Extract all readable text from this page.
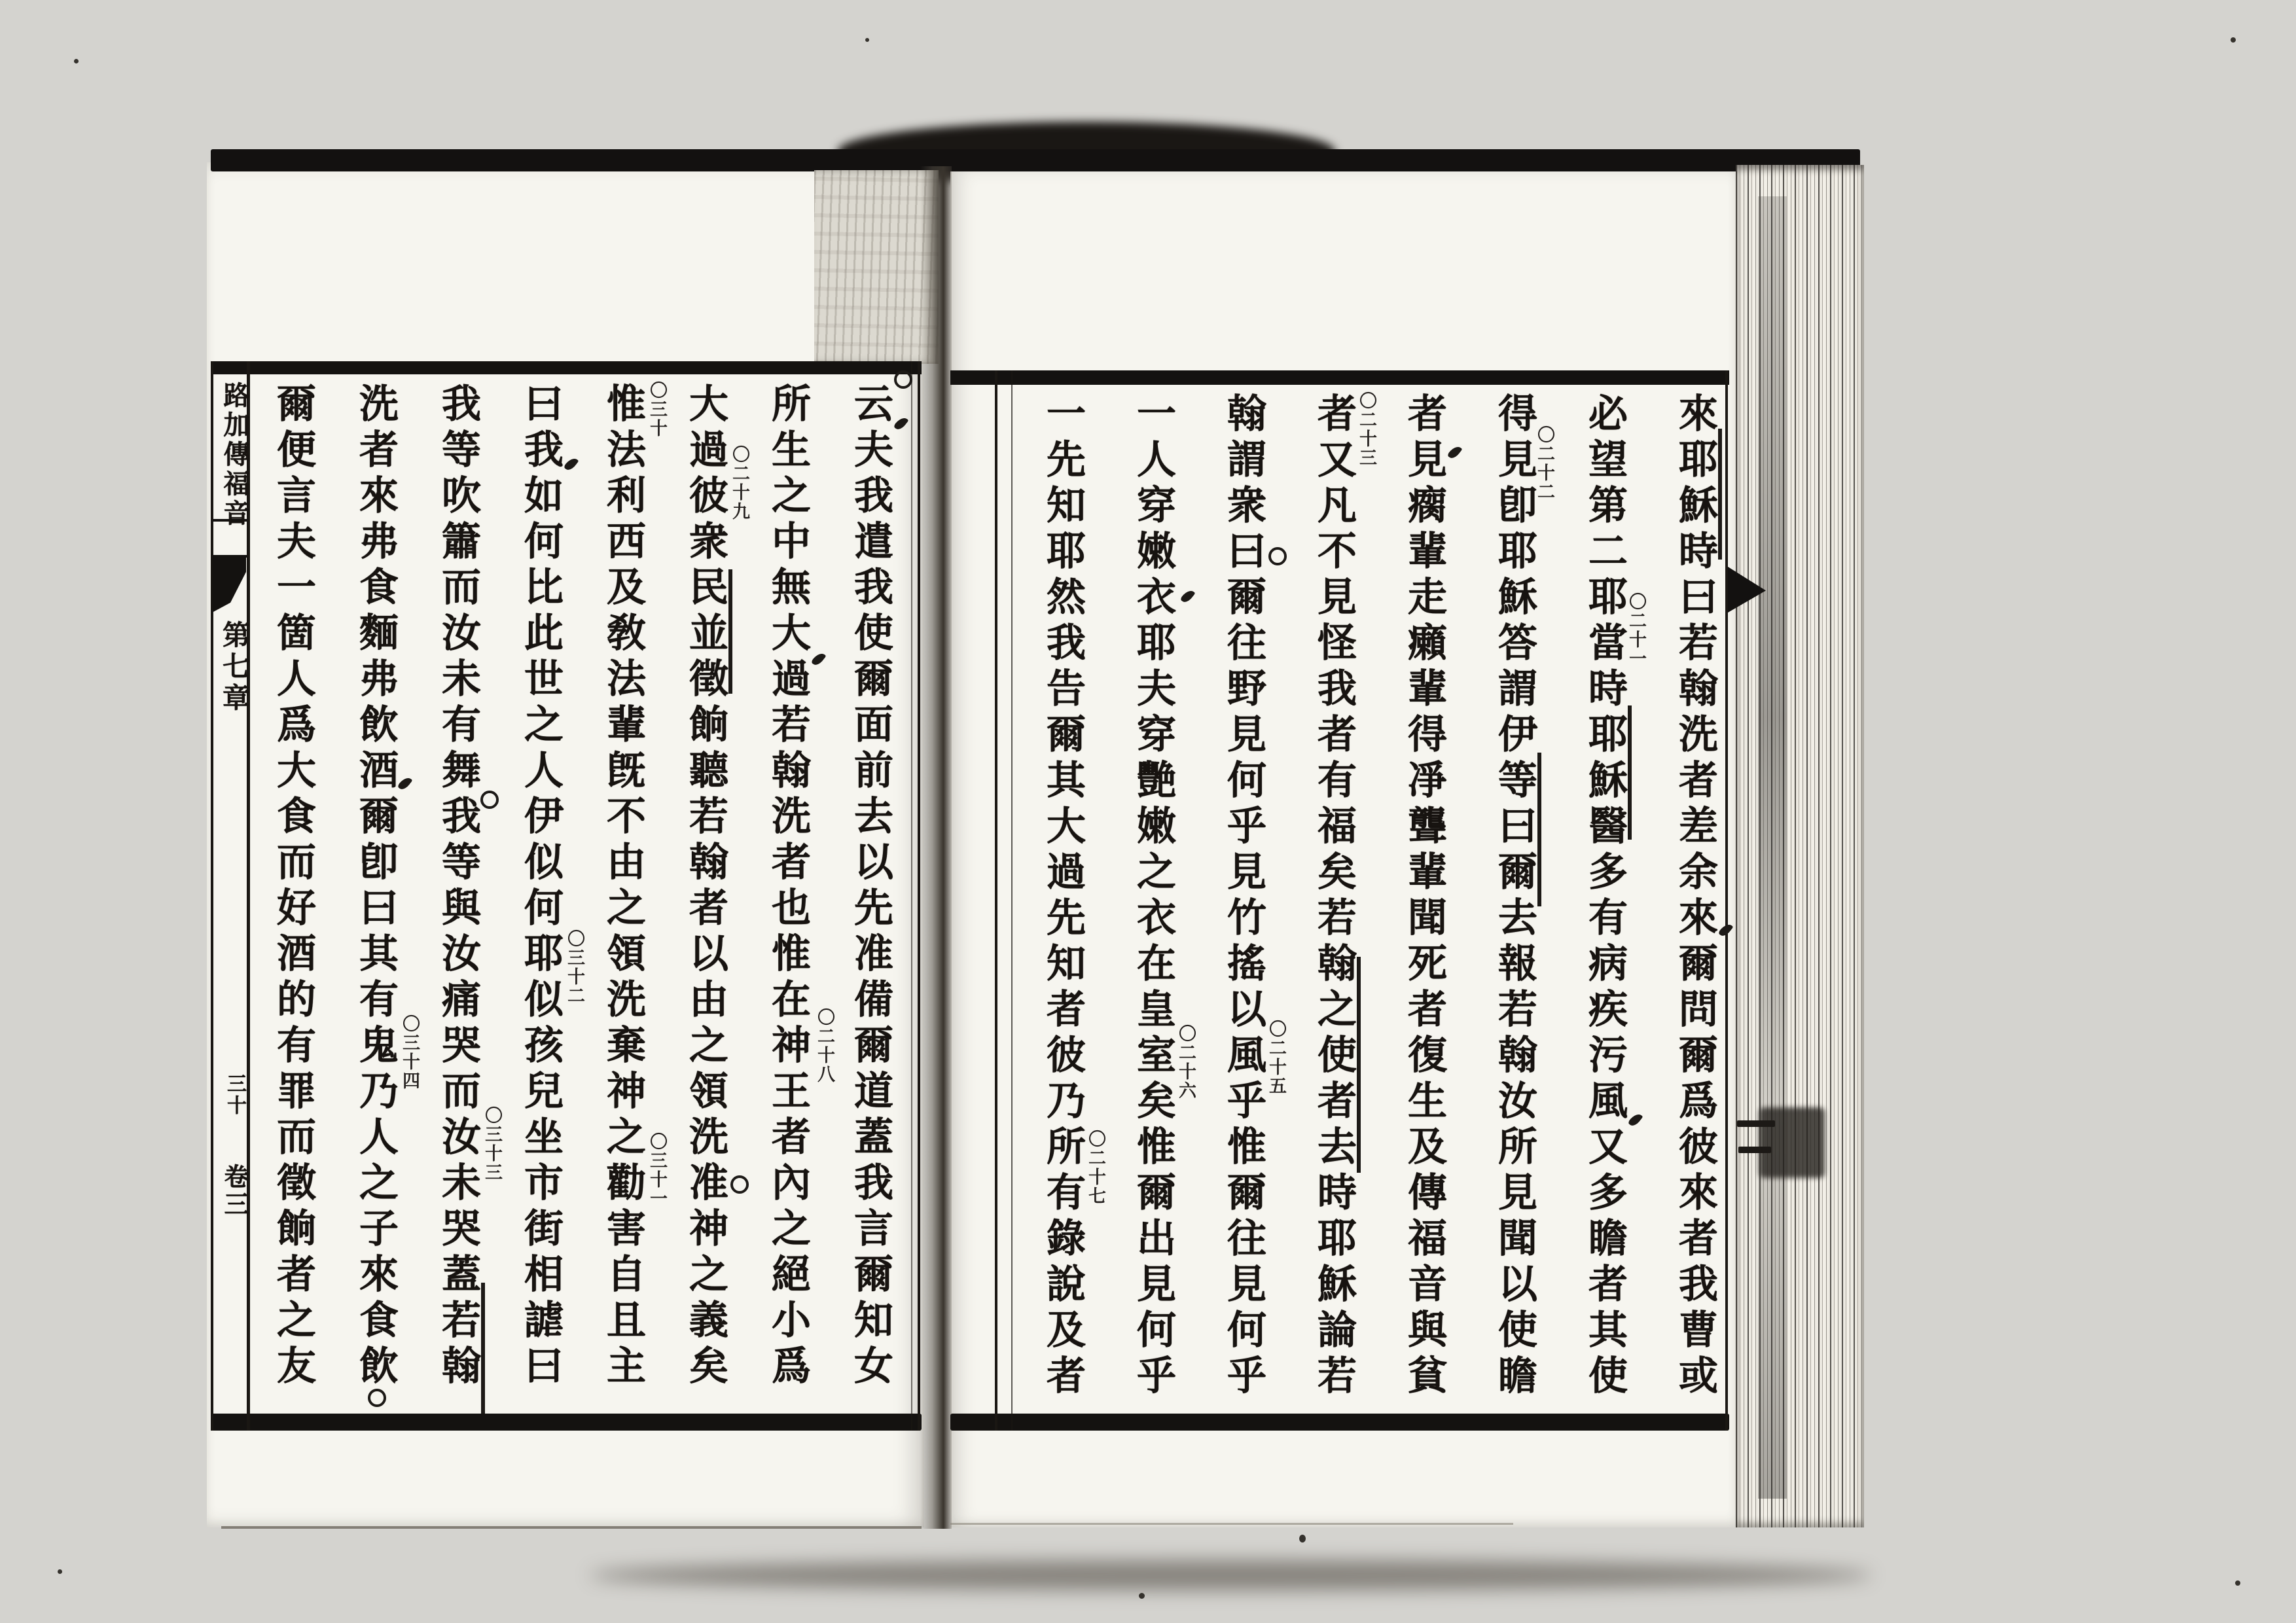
來耶穌時曰若翰洗者差余來爾問爾爲彼來者我曹或
必望第二耶當時耶穌醫多有病疾污風又多瞻者其使
得見卽耶穌答謂伊等曰爾去報若翰汝所見聞以使瞻
者見瘸輩走癩輩得凈聾輩聞死者復生及傳福音與貧
者又凡不見怪我者有福矣若翰之使者去時耶穌論若
翰謂衆曰爾往野見何乎見竹搖以風乎惟爾往見何乎
一人穿嫩衣耶夫穿艷嫩之衣在皇室矣惟爾出見何乎
一先知耶然我告爾其大過先知者彼乃所有錄說及者	〇二十一
〇二十二
〇二十三
〇二十五
〇二十六
〇二十七
云夫我遣我使爾面前去以先准備爾道蓋我言爾知女
所生之中無大過若翰洗者也惟在神王者內之絕小爲
大過彼衆民並徵餉聽若翰者以由之領洗准神之義矣
惟法利西及敎法輩旣不由之領洗棄神之勸害自且主
曰我如何比此世之人伊似何耶似孩兒坐市街相謔曰
我等吹簫而汝未有舞我等與汝痛哭而汝未哭蓋若翰
洗者來弗食麵弗飲酒爾卽曰其有鬼乃人之子來食飲
爾便言夫一箇人爲大食而好酒的有罪而徵餉者之友	〇二十八
〇二十九
〇三十
〇三十一
〇三十二
〇三十三
〇三十四
路加傳福音
第七章
三十
卷三
